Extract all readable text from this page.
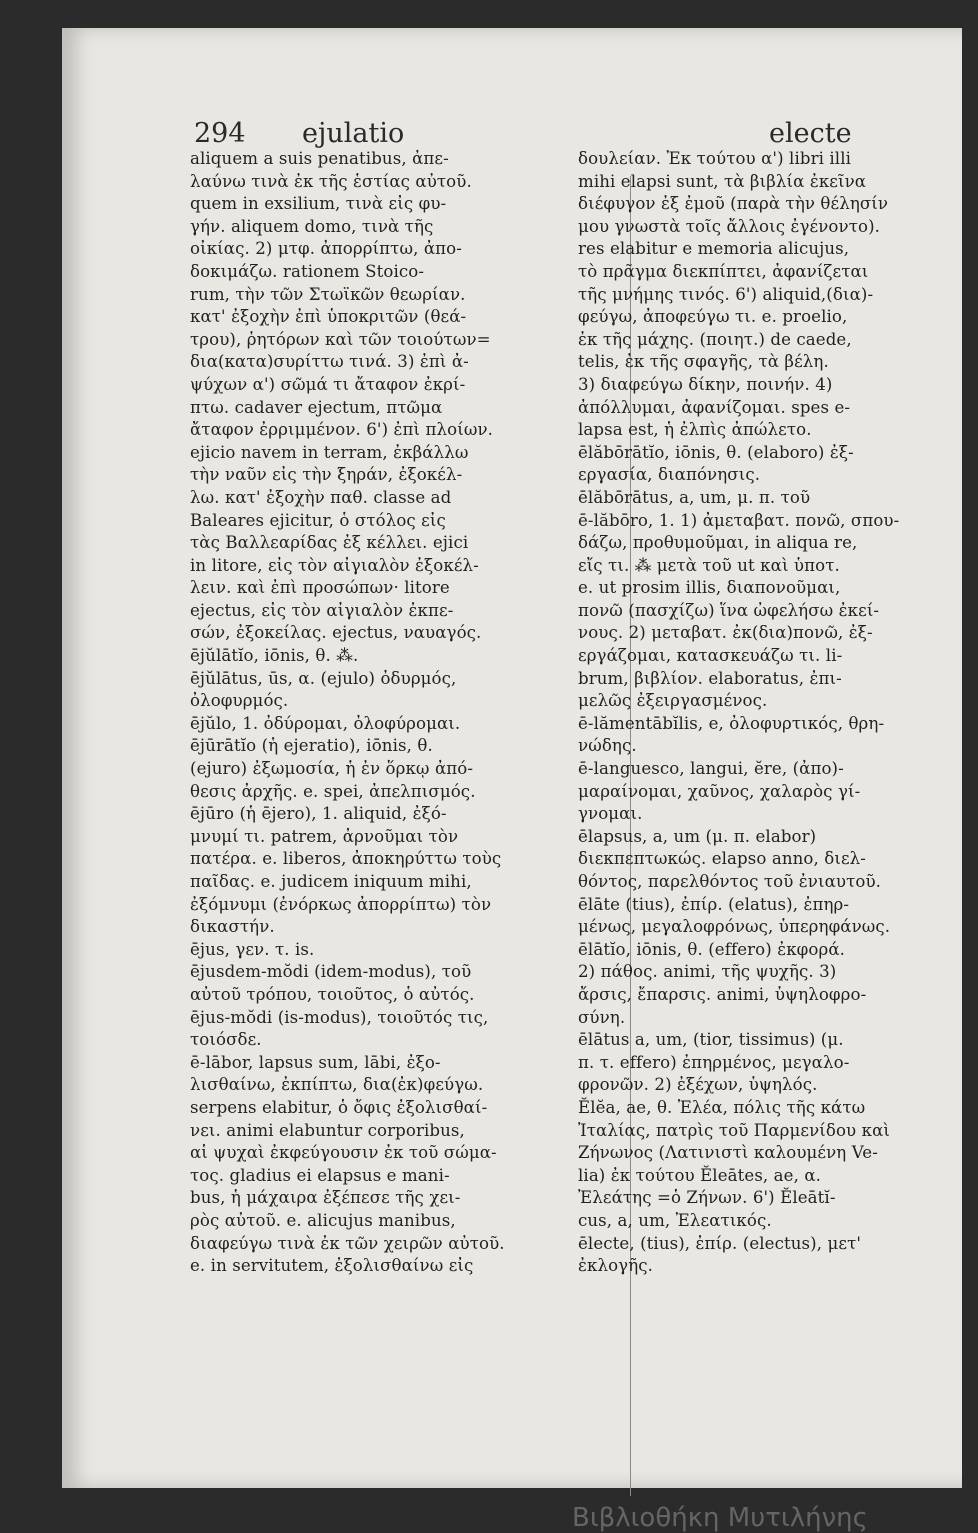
294 ejulatio	electe
Βιβλιοθήκη Μυτιλήνης
aliquem a suis penatibus, ἀπε-
λαύνω τινὰ ἐκ τῆς ἑστίας αὐτοῦ.
quem in exsilium, τινὰ εἰς φυ-
γήν. aliquem domo, τινὰ τῆς
οἰκίας. 2) μτφ. ἀπορρίπτω, ἀπο-
δοκιμάζω. rationem Stoico-
rum, τὴν τῶν Στωϊκῶν θεωρίαν.
κατ' ἐξοχὴν ἐπὶ ὑποκριτῶν (θεά-
τρου), ῥητόρων καὶ τῶν τοιούτων=
δια(κατα)συρίττω τινά. 3) ἐπὶ ἀ-
ψύχων α') σῶμά τι ἄταφον ἐκρί-
πτω. cadaver ejectum, πτῶμα
ἄταφον ἐρριμμένον. 6') ἐπὶ πλοίων.
ejicio navem in terram, ἐκβάλλω
τὴν ναῦν εἰς τὴν ξηράν, ἐξοκέλ-
λω. κατ' ἐξοχὴν παθ. classe ad
Baleares ejicitur, ὁ στόλος εἰς
τὰς Βαλλεαρίδας ἐξ κέλλει. ejici
in litore, εἰς τὸν αἰγιαλὸν ἐξοκέλ-
λειν. καὶ ἐπὶ προσώπων· litore
ejectus, εἰς τὸν αἰγιαλὸν ἐκπε-
σών, ἐξοκείλας. ejectus, ναυαγός.
ējŭlātĭo, iōnis, θ. ⁂.
ējŭlātus, ūs, α. (ejulo) ὀδυρμός,
ὀλοφυρμός.
ējŭlo, 1. ὀδύρομαι, ὀλοφύρομαι.
ējūrātĭo (ἡ ejeratio), iōnis, θ.
(ejuro) ἐξωμοσία, ἡ ἐν ὅρκῳ ἀπό-
θεσις ἀρχῆς. e. spei, ἀπελπισμός.
ējūro (ἡ ējero), 1. aliquid, ἐξό-
μνυμί τι. patrem, ἀρνοῦμαι τὸν
πατέρα. e. liberos, ἀποκηρύττω τοὺς
παῖδας. e. judicem iniquum mihi,
ἐξόμνυμι (ἐνόρκως ἀπορρίπτω) τὸν
δικαστήν.
ējus, γεν. τ. is.
ējusdem-mŏdi (idem-modus), τοῦ
αὐτοῦ τρόπου, τοιοῦτος, ὁ αὐτός.
ējus-mŏdi (is-modus), τοιοῦτός τις,
τοιόσδε.
ē-lābor, lapsus sum, lābi, ἐξο-
λισθαίνω, ἐκπίπτω, δια(ἐκ)φεύγω.
serpens elabitur, ὁ ὄφις ἐξολισθαί-
νει. animi elabuntur corporibus,
αἱ ψυχαὶ ἐκφεύγουσιν ἐκ τοῦ σώμα-
τος. gladius ei elapsus e mani-
bus, ἡ μάχαιρα ἐξέπεσε τῆς χει-
ρὸς αὐτοῦ. e. alicujus manibus,
διαφεύγω τινὰ ἐκ τῶν χειρῶν αὐτοῦ.
e. in servitutem, ἐξολισθαίνω εἰς
δουλείαν. Ἐκ τούτου α') libri illi
mihi elapsi sunt, τὰ βιβλία ἐκεῖνα
διέφυγον ἐξ ἐμοῦ (παρὰ τὴν θέλησίν
μου γνωστὰ τοῖς ἄλλοις ἐγένοντο).
res elabitur e memoria alicujus,
τὸ πρᾶγμα διεκπίπτει, ἀφανίζεται
τῆς μνήμης τινός. 6') aliquid,(δια)-
φεύγω, ἀποφεύγω τι. e. proelio,
ἐκ τῆς μάχης. (ποιητ.) de caede,
telis, ἐκ τῆς σφαγῆς, τὰ βέλη.
3) διαφεύγω δίκην, ποινήν. 4)
ἀπόλλυμαι, ἀφανίζομαι. spes e-
lapsa est, ἡ ἐλπὶς ἀπώλετο.
ēlăbōrātĭo, iōnis, θ. (elaboro) ἐξ-
εργασία, διαπόνησις.
ēlăbōrātus, a, um, μ. π. τοῦ
ē-lăbōro, 1. 1) ἀμεταβατ. πονῶ, σπου-
δάζω, προθυμοῦμαι, in aliqua re,
εἴς τι. ⁂ μετὰ τοῦ ut καὶ ὑποτ.
e. ut prosim illis, διαπονοῦμαι,
πονῶ (πασχίζω) ἵνα ὠφελήσω ἐκεί-
νους. 2) μεταβατ. ἐκ(δια)πονῶ, ἐξ-
εργάζομαι, κατασκευάζω τι. li-
brum, βιβλίον. elaboratus, ἐπι-
μελῶς ἐξειργασμένος.
ē-lămentābĭlis, e, ὀλοφυρτικός, θρη-
νώδης.
ē-languesco, langui, ĕre, (ἀπο)-
μαραίνομαι, χαῦνος, χαλαρὸς γί-
γνομαι.
ēlapsus, a, um (μ. π. elabor)
διεκπεπτωκώς. elapso anno, διελ-
θόντος, παρελθόντος τοῦ ἐνιαυτοῦ.
ēlāte (tius), ἐπίρ. (elatus), ἐπηρ-
μένως, μεγαλοφρόνως, ὑπερηφάνως.
ēlātĭo, iōnis, θ. (effero) ἐκφορά.
2) πάθος. animi, τῆς ψυχῆς. 3)
ἄρσις, ἔπαρσις. animi, ὑψηλοφρο-
σύνη.
ēlātus a, um, (tior, tissimus) (μ.
π. τ. effero) ἐπηρμένος, μεγαλο-
φρονῶν. 2) ἐξέχων, ὑψηλός.
Ĕlĕa, ae, θ. Ἐλέα, πόλις τῆς κάτω
Ἰταλίας, πατρὶς τοῦ Παρμενίδου καὶ
Ζήνωνος (Λατινιστὶ καλουμένη Ve-
lia) ἐκ τούτου Ĕleātes, ae, α.
Ἐλεάτης =ὁ Ζήνων. 6') Ĕleātĭ-
cus, a, um, Ἐλεατικός.
ēlecte, (tius), ἐπίρ. (electus), μετ'
ἐκλογῆς.
